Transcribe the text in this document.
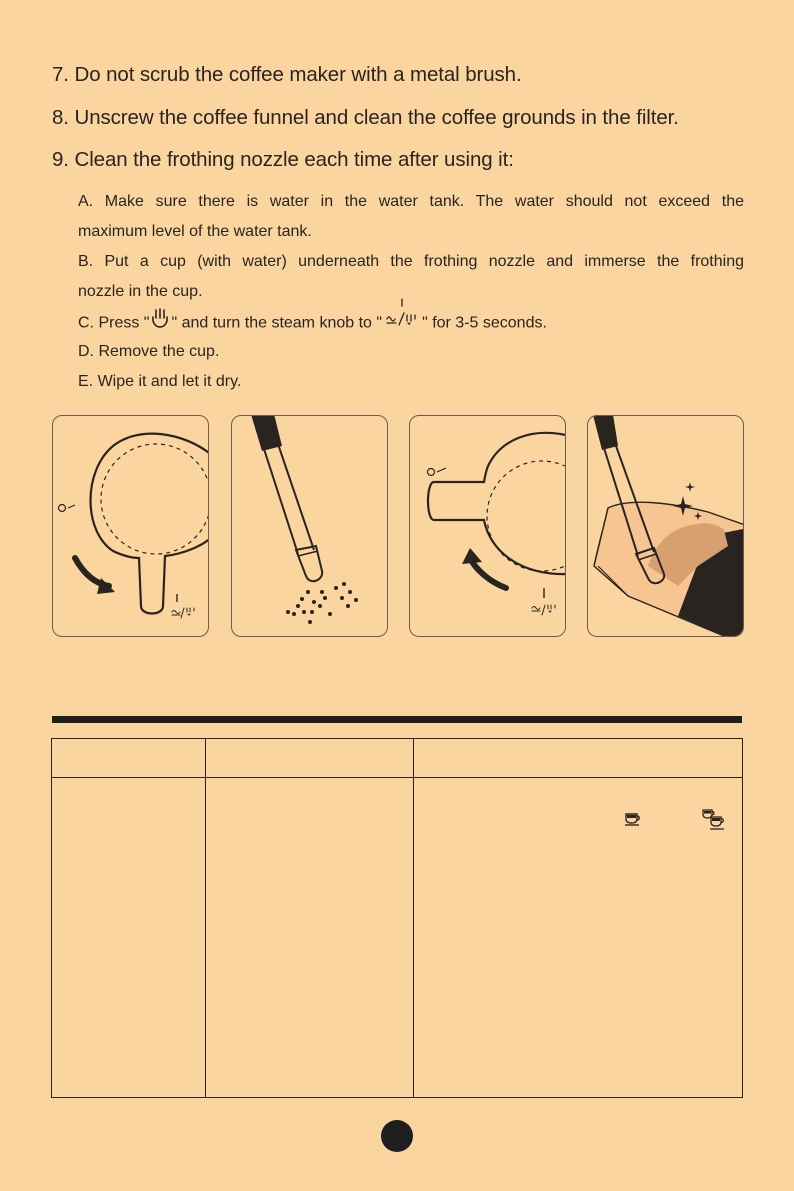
7. Do not scrub the coffee maker with a metal brush.
8. Unscrew the coffee funnel and clean the coffee grounds in the filter.
9. Clean the frothing nozzle each time after using it:
A. Make sure there is water in the water tank. The water should not exceed the
maximum level of the water tank.
B. Put a cup (with water) underneath the frothing nozzle and immerse the frothing
nozzle in the cup.
C. Press " " and turn the steam knob to "	" for 3-5 seconds.
D. Remove the cup.
E. Wipe it and let it dry.
